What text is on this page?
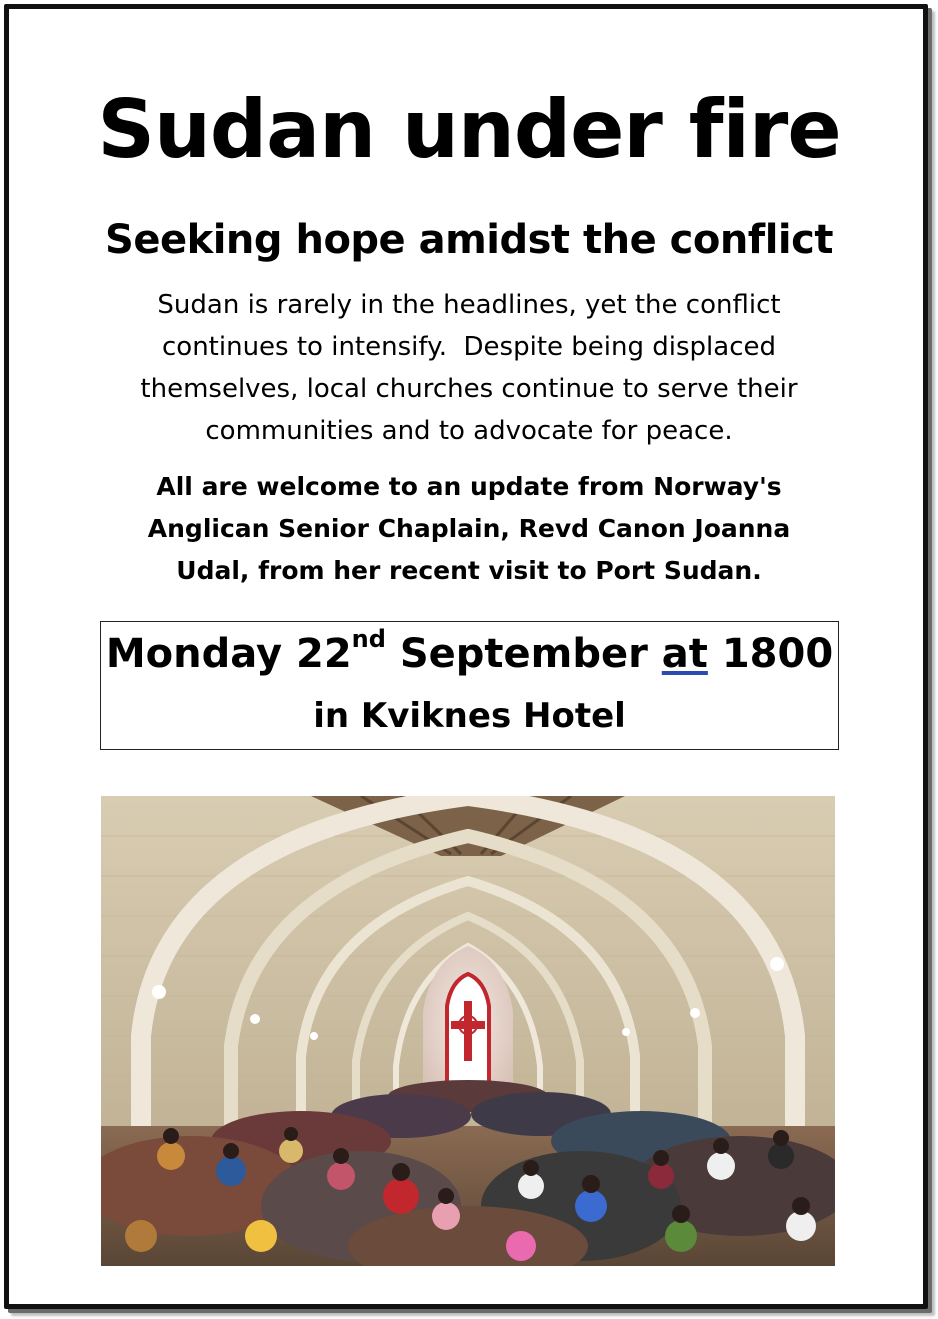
Sudan under fire
Seeking hope amidst the conflict
Sudan is rarely in the headlines, yet the conflict
continues to intensify.  Despite being displaced
themselves, local churches continue to serve their
communities and to advocate for peace.
All are welcome to an update from Norway's
Anglican Senior Chaplain, Revd Canon Joanna
Udal, from her recent visit to Port Sudan.
Monday 22nd September at 1800
in Kviknes Hotel
